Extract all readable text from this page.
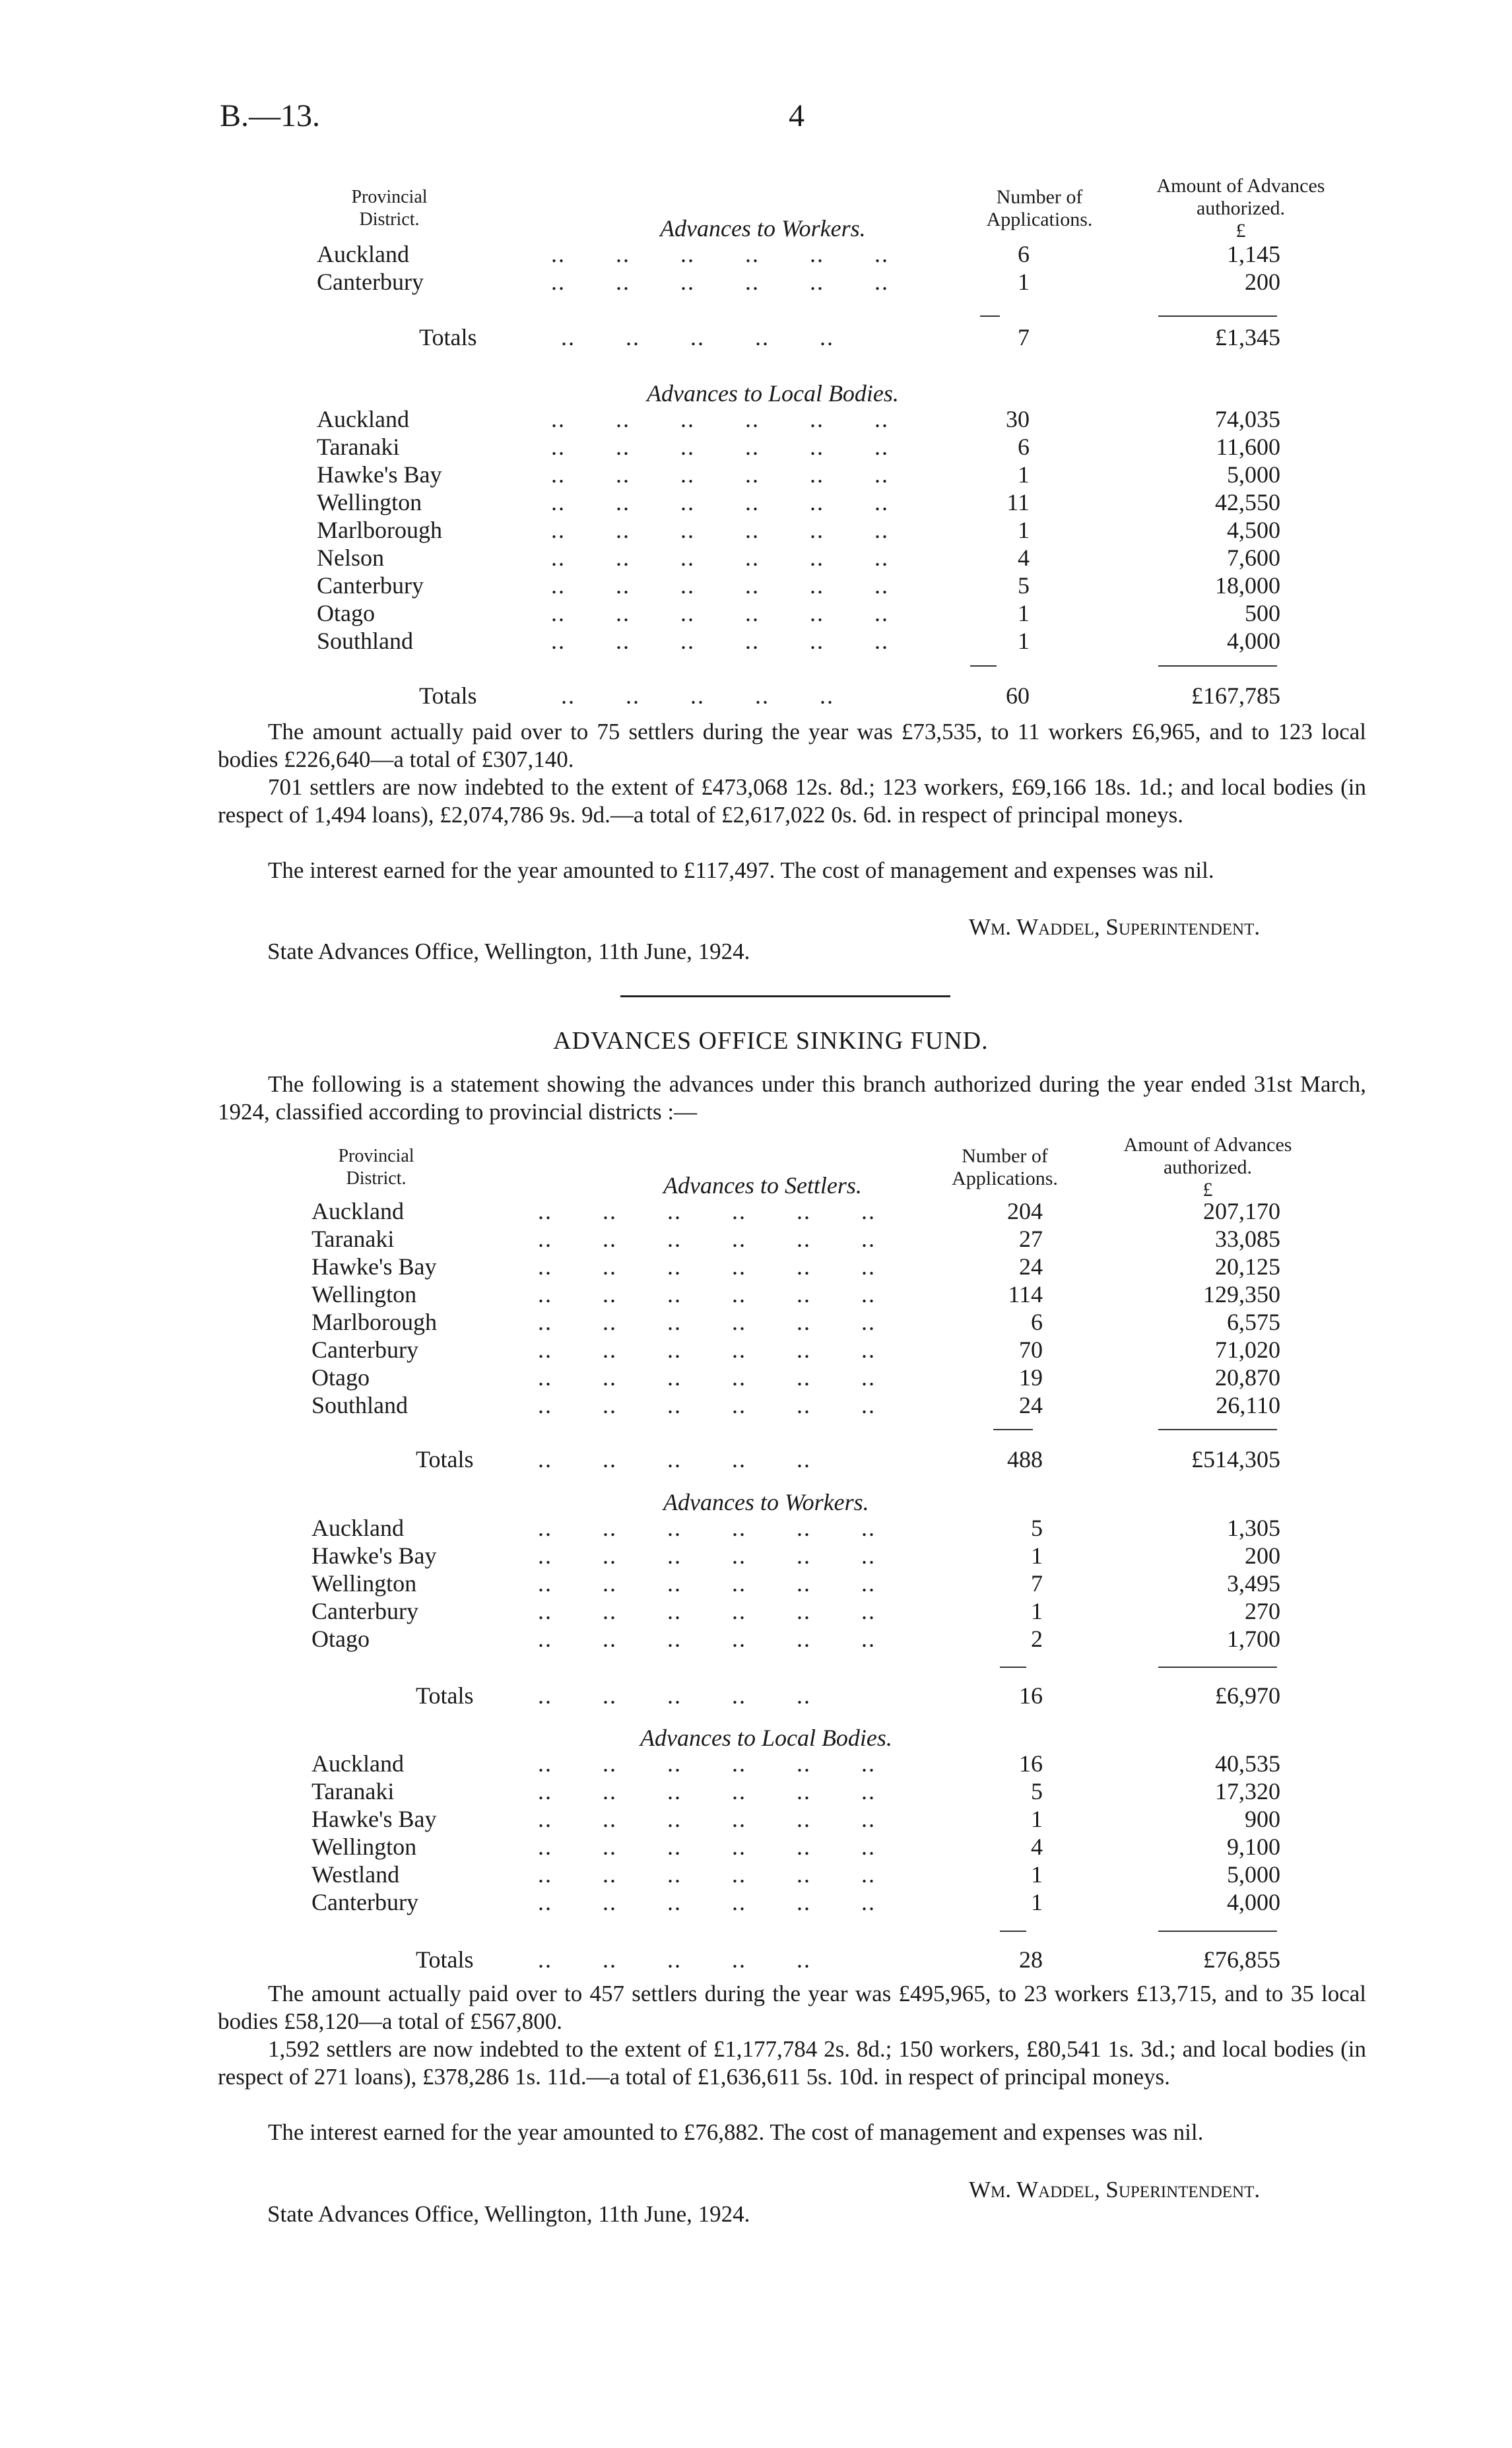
B.—13.	4
Provincial District.
Number of Applications.
Amount of Advances authorized.
£
Advances to Workers.
Auckland	..  ..  ..  ..  ..  ..	6	1,145
Canterbury	..  ..  ..  ..  ..  ..	1	200
Totals	..  ..  ..  ..  ..	7	£1,345
Advances to Local Bodies.
Auckland	..  ..  ..  ..  ..  ..	30	74,035
Taranaki	..  ..  ..  ..  ..  ..	6	11,600
Hawke's Bay	..  ..  ..  ..  ..  ..	1	5,000
Wellington	..  ..  ..  ..  ..  ..	11	42,550
Marlborough	..  ..  ..  ..  ..  ..	1	4,500
Nelson	..  ..  ..  ..  ..  ..	4	7,600
Canterbury	..  ..  ..  ..  ..  ..	5	18,000
Otago	..  ..  ..  ..  ..  ..	1	500
Southland	..  ..  ..  ..  ..  ..	1	4,000
Totals	..  ..  ..  ..  ..	60	£167,785
The amount actually paid over to 75 settlers during the year was £73,535, to 11 workers £6,965, and to 123 local bodies £226,640—a total of £307,140.
701 settlers are now indebted to the extent of £473,068 12s. 8d.; 123 workers, £69,166 18s. 1d.; and local bodies (in respect of 1,494 loans), £2,074,786 9s. 9d.—a total of £2,617,022 0s. 6d. in respect of principal moneys.
The interest earned for the year amounted to £117,497. The cost of management and expenses was nil.
Wm. Waddel, Superintendent.
State Advances Office, Wellington, 11th June, 1924.
ADVANCES OFFICE SINKING FUND.
The following is a statement showing the advances under this branch authorized during the year ended 31st March, 1924, classified according to provincial districts :—
Provincial District.
Number of Applications.
Amount of Advances authorized.
£
Advances to Settlers.
Auckland	..  ..  ..  ..  ..  ..	204	207,170
Taranaki	..  ..  ..  ..  ..  ..	27	33,085
Hawke's Bay	..  ..  ..  ..  ..  ..	24	20,125
Wellington	..  ..  ..  ..  ..  ..	114	129,350
Marlborough	..  ..  ..  ..  ..  ..	6	6,575
Canterbury	..  ..  ..  ..  ..  ..	70	71,020
Otago	..  ..  ..  ..  ..  ..	19	20,870
Southland	..  ..  ..  ..  ..  ..	24	26,110
Totals	..  ..  ..  ..  ..	488	£514,305
Advances to Workers.
Auckland	..  ..  ..  ..  ..  ..	5	1,305
Hawke's Bay	..  ..  ..  ..  ..  ..	1	200
Wellington	..  ..  ..  ..  ..  ..	7	3,495
Canterbury	..  ..  ..  ..  ..  ..	1	270
Otago	..  ..  ..  ..  ..  ..	2	1,700
Totals	..  ..  ..  ..  ..	16	£6,970
Advances to Local Bodies.
Auckland	..  ..  ..  ..  ..  ..	16	40,535
Taranaki	..  ..  ..  ..  ..  ..	5	17,320
Hawke's Bay	..  ..  ..  ..  ..  ..	1	900
Wellington	..  ..  ..  ..  ..  ..	4	9,100
Westland	..  ..  ..  ..  ..  ..	1	5,000
Canterbury	..  ..  ..  ..  ..  ..	1	4,000
Totals	..  ..  ..  ..  ..	28	£76,855
The amount actually paid over to 457 settlers during the year was £495,965, to 23 workers £13,715, and to 35 local bodies £58,120—a total of £567,800.
1,592 settlers are now indebted to the extent of £1,177,784 2s. 8d.; 150 workers, £80,541 1s. 3d.; and local bodies (in respect of 271 loans), £378,286 1s. 11d.—a total of £1,636,611 5s. 10d. in respect of principal moneys.
The interest earned for the year amounted to £76,882. The cost of management and expenses was nil.
Wm. Waddel, Superintendent.
State Advances Office, Wellington, 11th June, 1924.
